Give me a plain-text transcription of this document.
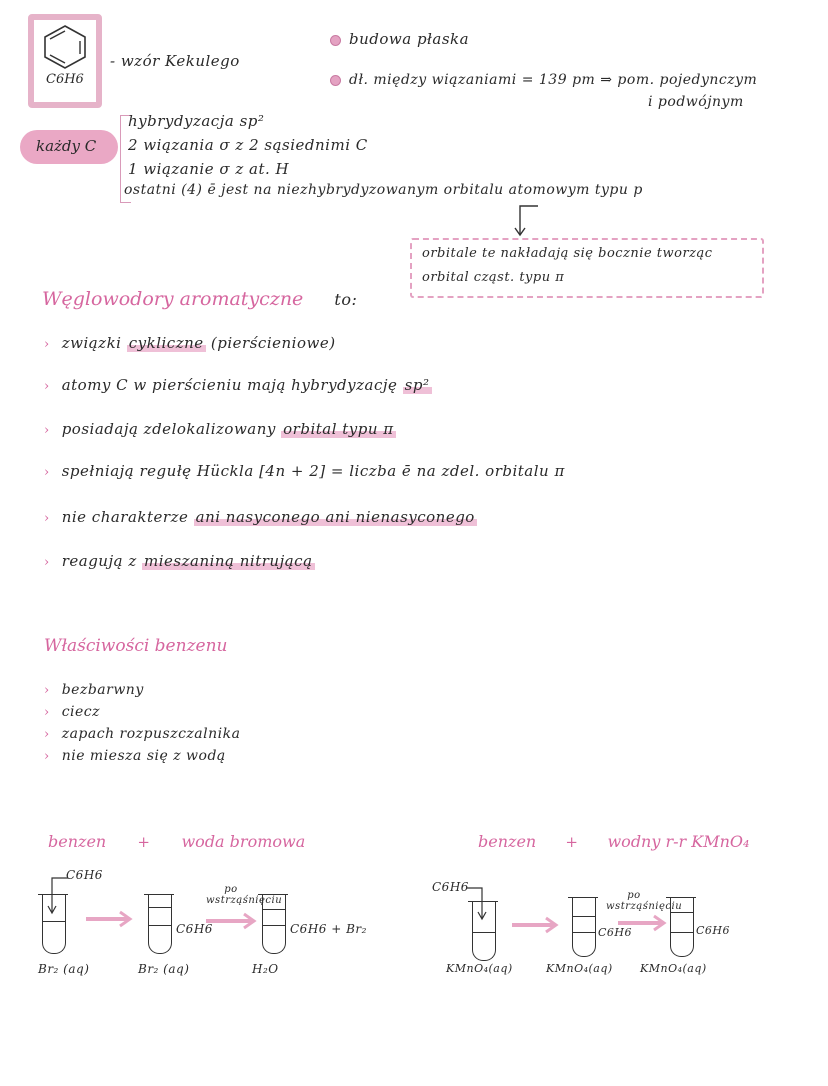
C6H6
- wzór Kekulego
budowa płaska
dł. między wiązaniami = 139 pm ⇒ pom. pojedynczym
i podwójnym
każdy C
hybrydyzacja sp²
2 wiązania σ z 2 sąsiednimi C
1 wiązanie σ z at. H
ostatni (4) ē jest na niezhybrydyzowanym orbitalu atomowym typu p
orbitale te nakładają się bocznie tworząc
orbital cząst. typu π
Węglowodory aromatyczne to:
› związki cykliczne (pierścieniowe)
› atomy C w pierścieniu mają hybrydyzację sp²
› posiadają zdelokalizowany orbital typu π
› spełniają regułę Hückla [4n + 2] = liczba ē na zdel. orbitalu π
› nie charakterze ani nasyconego ani nienasyconego
› reagują z mieszaniną nitrującą
Właściwości benzenu
› bezbarwny
› ciecz
› zapach rozpuszczalnika
› nie miesza się z wodą
benzen + woda bromowa
C6H6
Br₂ (aq)
C6H6
Br₂ (aq)
po wstrząśnięciu
C6H6 + Br₂
H₂O
benzen + wodny r-r KMnO₄
C6H6
KMnO₄(aq)
C6H6
KMnO₄(aq)
po wstrząśnięciu
C6H6
KMnO₄(aq)
